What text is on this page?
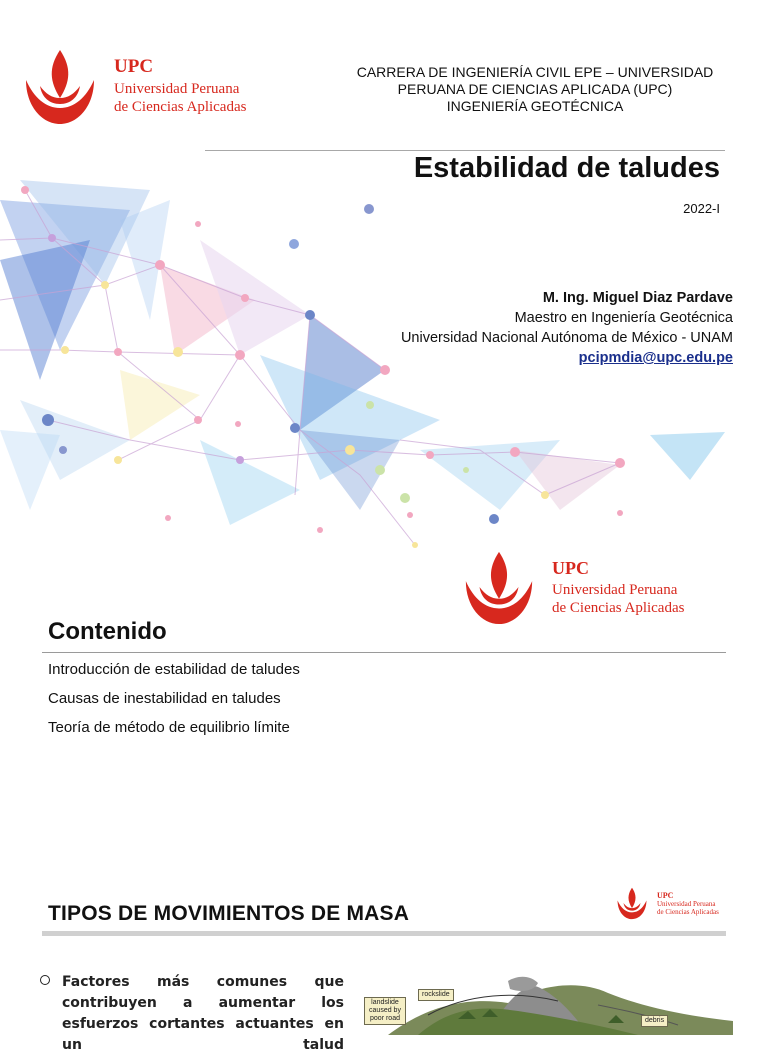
UPC
Universidad Peruana
de Ciencias Aplicadas
CARRERA DE INGENIERÍA CIVIL EPE – UNIVERSIDAD
PERUANA DE CIENCIAS APLICADA (UPC)
INGENIERÍA GEOTÉCNICA
Estabilidad de taludes
2022-I
M. Ing. Miguel Diaz Pardave
Maestro en Ingeniería Geotécnica
Universidad Nacional Autónoma de México - UNAM
pcipmdia@upc.edu.pe
UPC
Universidad Peruana
de Ciencias Aplicadas
Contenido
Introducción de estabilidad de taludes
Causas de inestabilidad en taludes
Teoría de método de equilibrio límite
UPC
Universidad Peruana
de Ciencias Aplicadas
TIPOS DE MOVIMIENTOS DE MASA
Factores más comunes que contribuyen a aumentar los esfuerzos cortantes actuantes en un talud
landslide caused by poor road
rockslide
debris
